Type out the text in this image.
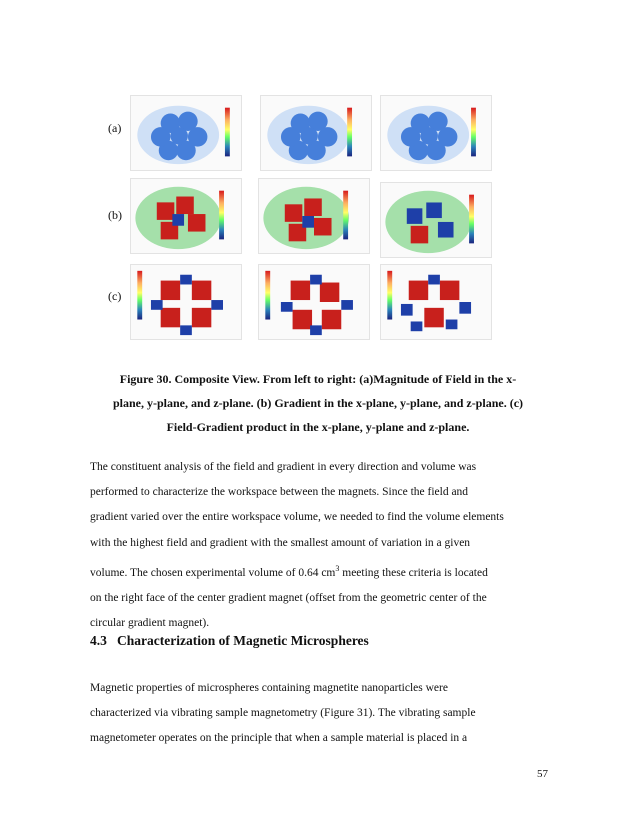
(a)
(b)
(c)
Figure 30. Composite View. From left to right: (a)Magnitude of Field in the x-
plane, y-plane, and z-plane. (b) Gradient in the x-plane, y-plane, and z-plane. (c)
Field-Gradient product in the x-plane, y-plane and z-plane.
The constituent analysis of the field and gradient in every direction and volume was
performed to characterize the workspace between the magnets. Since the field and
gradient varied over the entire workspace volume, we needed to find the volume elements
with the highest field and gradient with the smallest amount of variation in a given
volume. The chosen experimental volume of 0.64 $cm^3$ meeting these criteria is located
on the right face of the center gradient magnet (offset from the geometric center of the
circular gradient magnet).
4.3   Characterization of Magnetic Microspheres
Magnetic properties of microspheres containing magnetite nanoparticles were
characterized via vibrating sample magnetometry (Figure 31). The vibrating sample
magnetometer operates on the principle that when a sample material is placed in a
57
